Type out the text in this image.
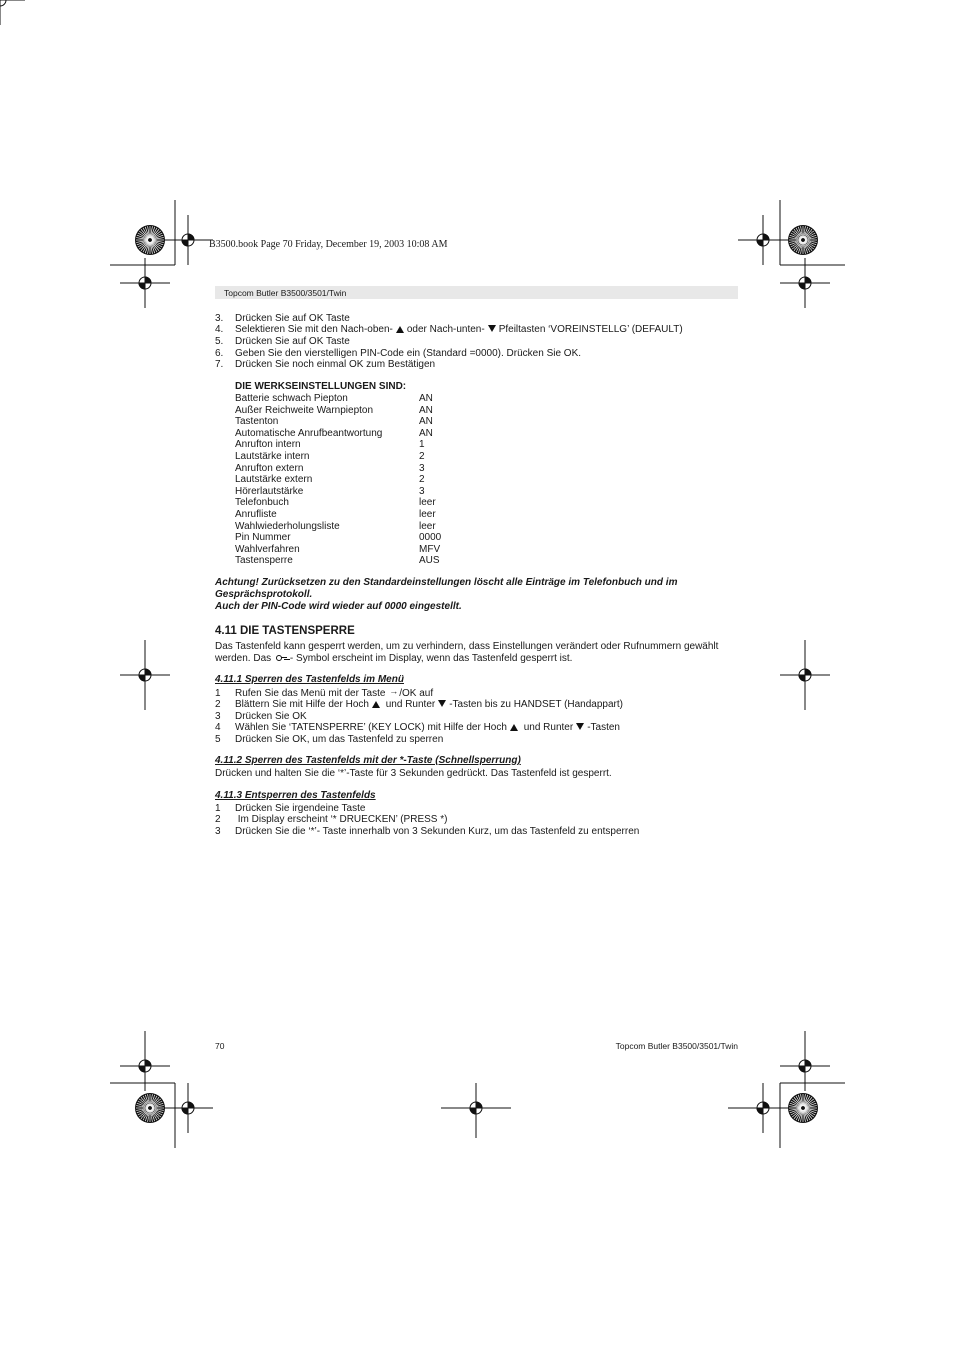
B3500.book Page 70 Friday, December 19, 2003 10:08 AM
Topcom Butler B3500/3501/Twin
3. Drücken Sie auf OK Taste
4. Selektieren Sie mit den Nach-oben- oder Nach-unten- Pfeiltasten ‘VOREINSTELLG’ (DEFAULT)
5. Drücken Sie auf OK Taste
6. Geben Sie den vierstelligen PIN-Code ein (Standard =0000). Drücken Sie OK.
7. Drücken Sie noch einmal OK zum Bestätigen
DIE WERKSEINSTELLUNGEN SIND:
Batterie schwach Piepton	AN
Außer Reichweite Warnpiepton	AN
Tastenton	AN
Automatische Anrufbeantwortung	AN
Anrufton intern	1
Lautstärke intern	2
Anrufton extern	3
Lautstärke extern	2
Hörerlautstärke	3
Telefonbuch	leer
Anrufliste	leer
Wahlwiederholungsliste	leer
Pin Nummer	0000
Wahlverfahren	MFV
Tastensperre	AUS
Achtung! Zurücksetzen zu den Standardeinstellungen löscht alle Einträge im Telefonbuch und im
Gesprächsprotokoll.
Auch der PIN-Code wird wieder auf 0000 eingestellt.
4.11 DIE TASTENSPERRE
Das Tastenfeld kann gesperrt werden, um zu verhindern, dass Einstellungen verändert oder Rufnummern gewählt
werden. Das - Symbol erscheint im Display, wenn das Tastenfeld gesperrt ist.
4.11.1 Sperren des Tastenfelds im Menü
1 Rufen Sie das Menü mit der Taste → /OK auf
2 Blättern Sie mit Hilfe der Hoch und Runter -Tasten bis zu HANDSET (Handappart)
3 Drücken Sie OK
4 Wählen Sie ‘TATENSPERRE’ (KEY LOCK) mit Hilfe der Hoch und Runter -Tasten
5 Drücken Sie OK, um das Tastenfeld zu sperren
4.11.2 Sperren des Tastenfelds mit der *-Taste (Schnellsperrung)
Drücken und halten Sie die ‘*’-Taste für 3 Sekunden gedrückt. Das Tastenfeld ist gesperrt.
4.11.3 Entsperren des Tastenfelds
1 Drücken Sie irgendeine Taste
2 Im Display erscheint ‘* DRUECKEN’ (PRESS *)
3 Drücken Sie die ‘*’- Taste innerhalb von 3 Sekunden Kurz, um das Tastenfeld zu entsperren
70	Topcom Butler B3500/3501/Twin
